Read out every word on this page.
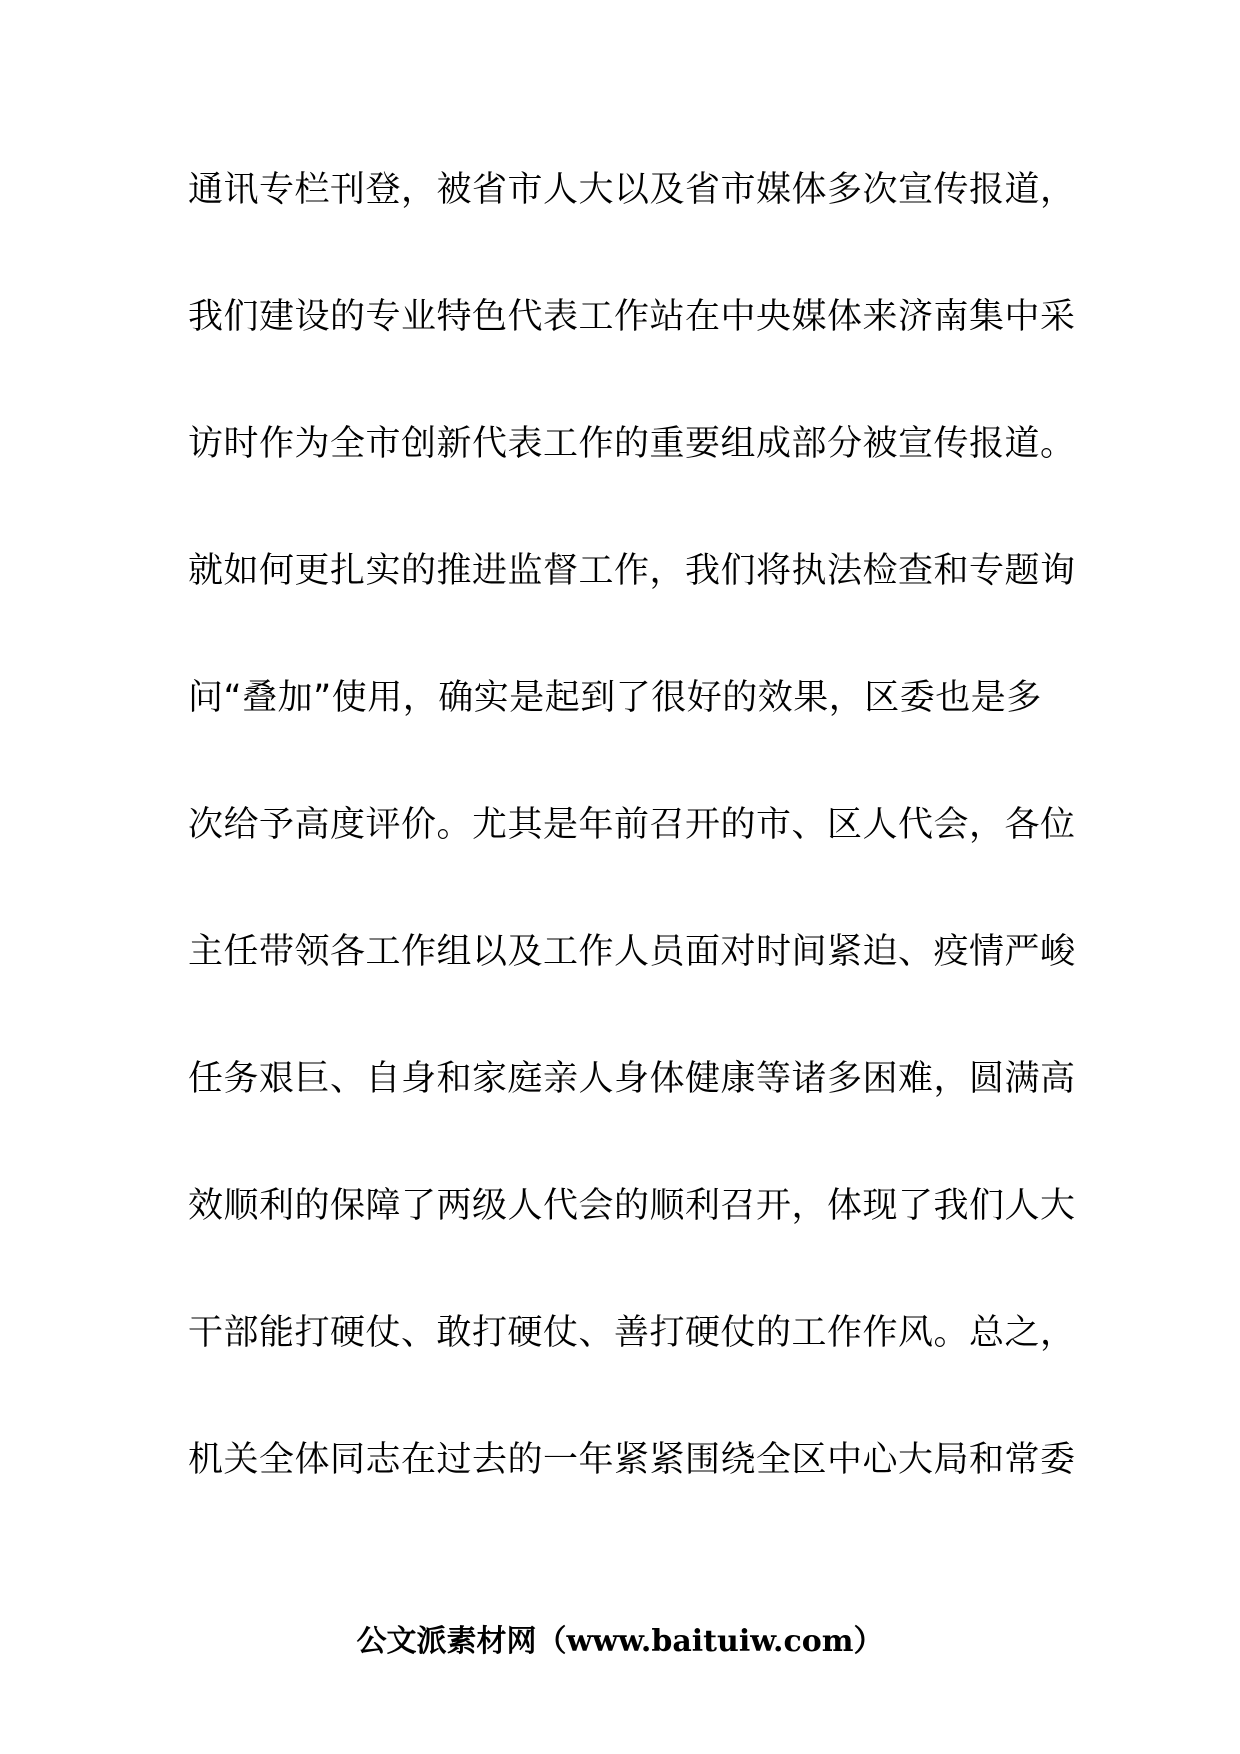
通讯专栏刊登，被省市人大以及省市媒体多次宣传报道，
我们建设的专业特色代表工作站在中央媒体来济南集中采
访时作为全市创新代表工作的重要组成部分被宣传报道。
就如何更扎实的推进监督工作，我们将执法检查和专题询
问“叠加”使用，确实是起到了很好的效果，区委也是多
次给予高度评价。尤其是年前召开的市、区人代会，各位
主任带领各工作组以及工作人员面对时间紧迫、疫情严峻
任务艰巨、自身和家庭亲人身体健康等诸多困难，圆满高
效顺利的保障了两级人代会的顺利召开，体现了我们人大
干部能打硬仗、敢打硬仗、善打硬仗的工作作风。总之，
机关全体同志在过去的一年紧紧围绕全区中心大局和常委
公文派素材网（www.baituiw.com）
